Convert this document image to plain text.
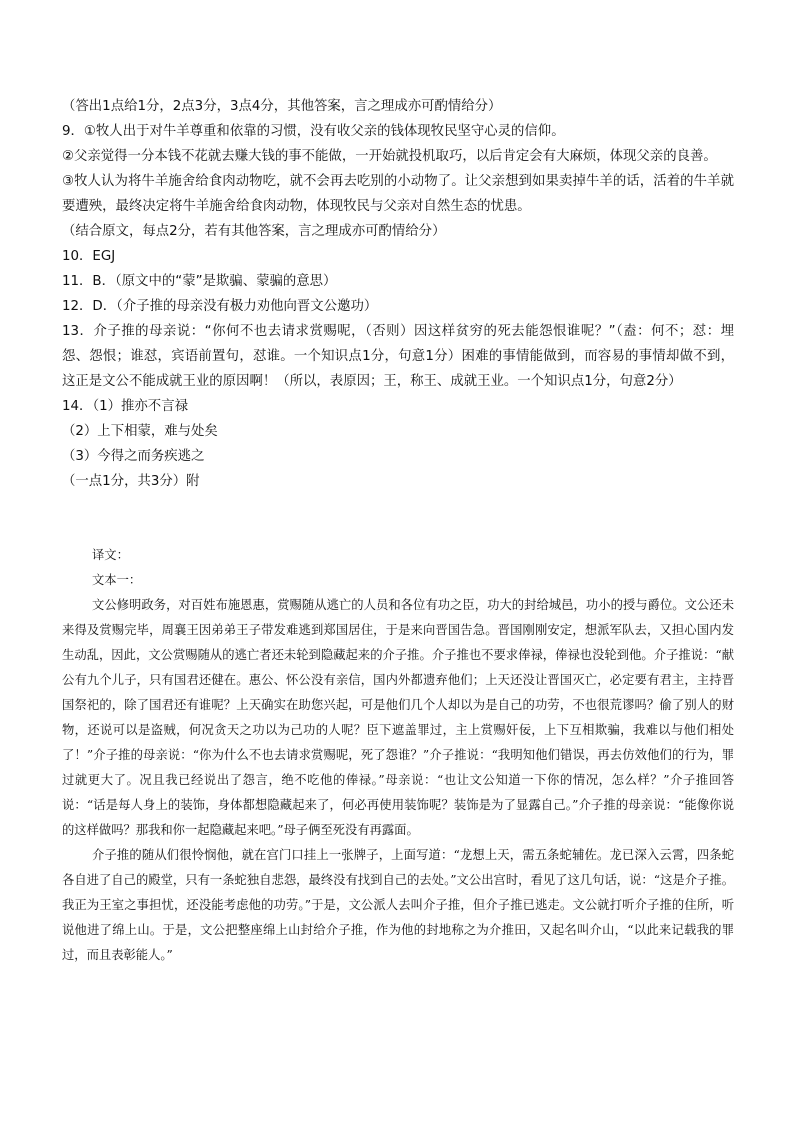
（答出1点给1分，2点3分，3点4分，其他答案，言之理成亦可酌情给分）

9．①牧人出于对牛羊尊重和依靠的习惯，没有收父亲的钱体现牧民坚守心灵的信仰。

②父亲觉得一分本钱不花就去赚大钱的事不能做，一开始就投机取巧，以后肯定会有大麻烦，体现父亲的良善。

③牧人认为将牛羊施舍给食肉动物吃，就不会再去吃别的小动物了。让父亲想到如果卖掉牛羊的话，活着的牛羊就要遭殃，最终决定将牛羊施舍给食肉动物，体现牧民与父亲对自然生态的忧患。

（结合原文，每点2分，若有其他答案，言之理成亦可酌情给分）

10．EGJ

11．B．（原文中的“蒙”是欺骗、蒙骗的意思）

12．D．（介子推的母亲没有极力劝他向晋文公邀功）

13．介子推的母亲说：“你何不也去请求赏赐呢，（否则）因这样贫穷的死去能怨恨谁呢？”（盍：何不；怼：埋怨、怨恨；谁怼，宾语前置句，怼谁。一个知识点1分，句意1分）困难的事情能做到，而容易的事情却做不到，这正是文公不能成就王业的原因啊！（所以，表原因；王，称王、成就王业。一个知识点1分，句意2分）

14．（1）推亦不言禄

（2）上下相蒙，难与处矣

（3）今得之而务疾逃之

（一点1分，共3分）附

译文：

文本一：

文公修明政务，对百姓布施恩惠，赏赐随从逃亡的人员和各位有功之臣，功大的封给城邑，功小的授与爵位。文公还未来得及赏赐完毕，周襄王因弟弟王子带发难逃到郑国居住，于是来向晋国告急。晋国刚刚安定，想派军队去，又担心国内发生动乱，因此，文公赏赐随从的逃亡者还未轮到隐藏起来的介子推。介子推也不要求俸禄，俸禄也没轮到他。介子推说：“献公有九个儿子，只有国君还健在。惠公、怀公没有亲信，国内外都遗弃他们；上天还没让晋国灭亡，必定要有君主，主持晋国祭祀的，除了国君还有谁呢？上天确实在助您兴起，可是他们几个人却以为是自己的功劳，不也很荒谬吗？偷了别人的财物，还说可以是盗贼，何况贪天之功以为己功的人呢？臣下遮盖罪过，主上赏赐奸佞，上下互相欺骗，我难以与他们相处了！”介子推的母亲说：“你为什么不也去请求赏赐呢，死了怨谁？”介子推说：“我明知他们错误，再去仿效他们的行为，罪过就更大了。况且我已经说出了怨言，绝不吃他的俸禄。”母亲说：“也让文公知道一下你的情况，怎么样？”介子推回答说：“话是每人身上的装饰，身体都想隐藏起来了，何必再使用装饰呢？装饰是为了显露自己。”介子推的母亲说：“能像你说的这样做吗？那我和你一起隐藏起来吧。”母子俩至死没有再露面。

介子推的随从们很怜悯他，就在宫门口挂上一张牌子，上面写道：“龙想上天，需五条蛇辅佐。龙已深入云霄，四条蛇各自进了自己的殿堂，只有一条蛇独自悲怨，最终没有找到自己的去处。”文公出宫时，看见了这几句话，说：“这是介子推。我正为王室之事担忧，还没能考虑他的功劳。”于是，文公派人去叫介子推，但介子推已逃走。文公就打听介子推的住所，听说他进了绵上山。于是，文公把整座绵上山封给介子推，作为他的封地称之为介推田，又起名叫介山，“以此来记载我的罪过，而且表彰能人。”
